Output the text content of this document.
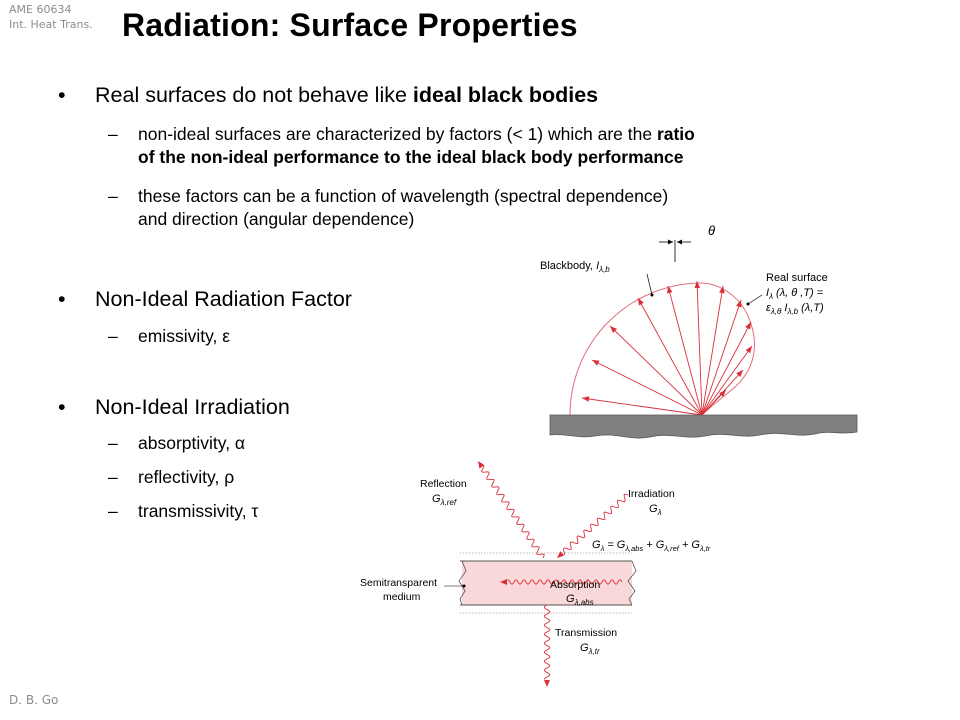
AME 60634
Int. Heat Trans. Radiation: Surface Properties
D. B. Go
• Real surfaces do not behave like ideal black bodies
– non-ideal surfaces are characterized by factors (< 1) which are the ratio
of the non-ideal performance to the ideal black body performance
– these factors can be a function of wavelength (spectral dependence)
and direction (angular dependence)
• Non-Ideal Radiation Factor
– emissivity, ε
• Non-Ideal Irradiation
– absorptivity, α
– reflectivity, ρ
– transmissivity, τ
θ
Blackbody, $I_{\lambda,b}$
Real surface
$I_\lambda$ (λ, θ ,T) =
$\varepsilon_{\lambda,\theta}$ $I_{\lambda,b}$ (λ,T)
Reflection
$G_{\lambda,ref}$
Irradiation
$G_\lambda$
$G_\lambda = G_{\lambda,abs} + G_{\lambda,ref} + G_{\lambda,tr}$
Semitransparent
medium
Absorption
$G_{\lambda,abs}$
Transmission
$G_{\lambda,tr}$
